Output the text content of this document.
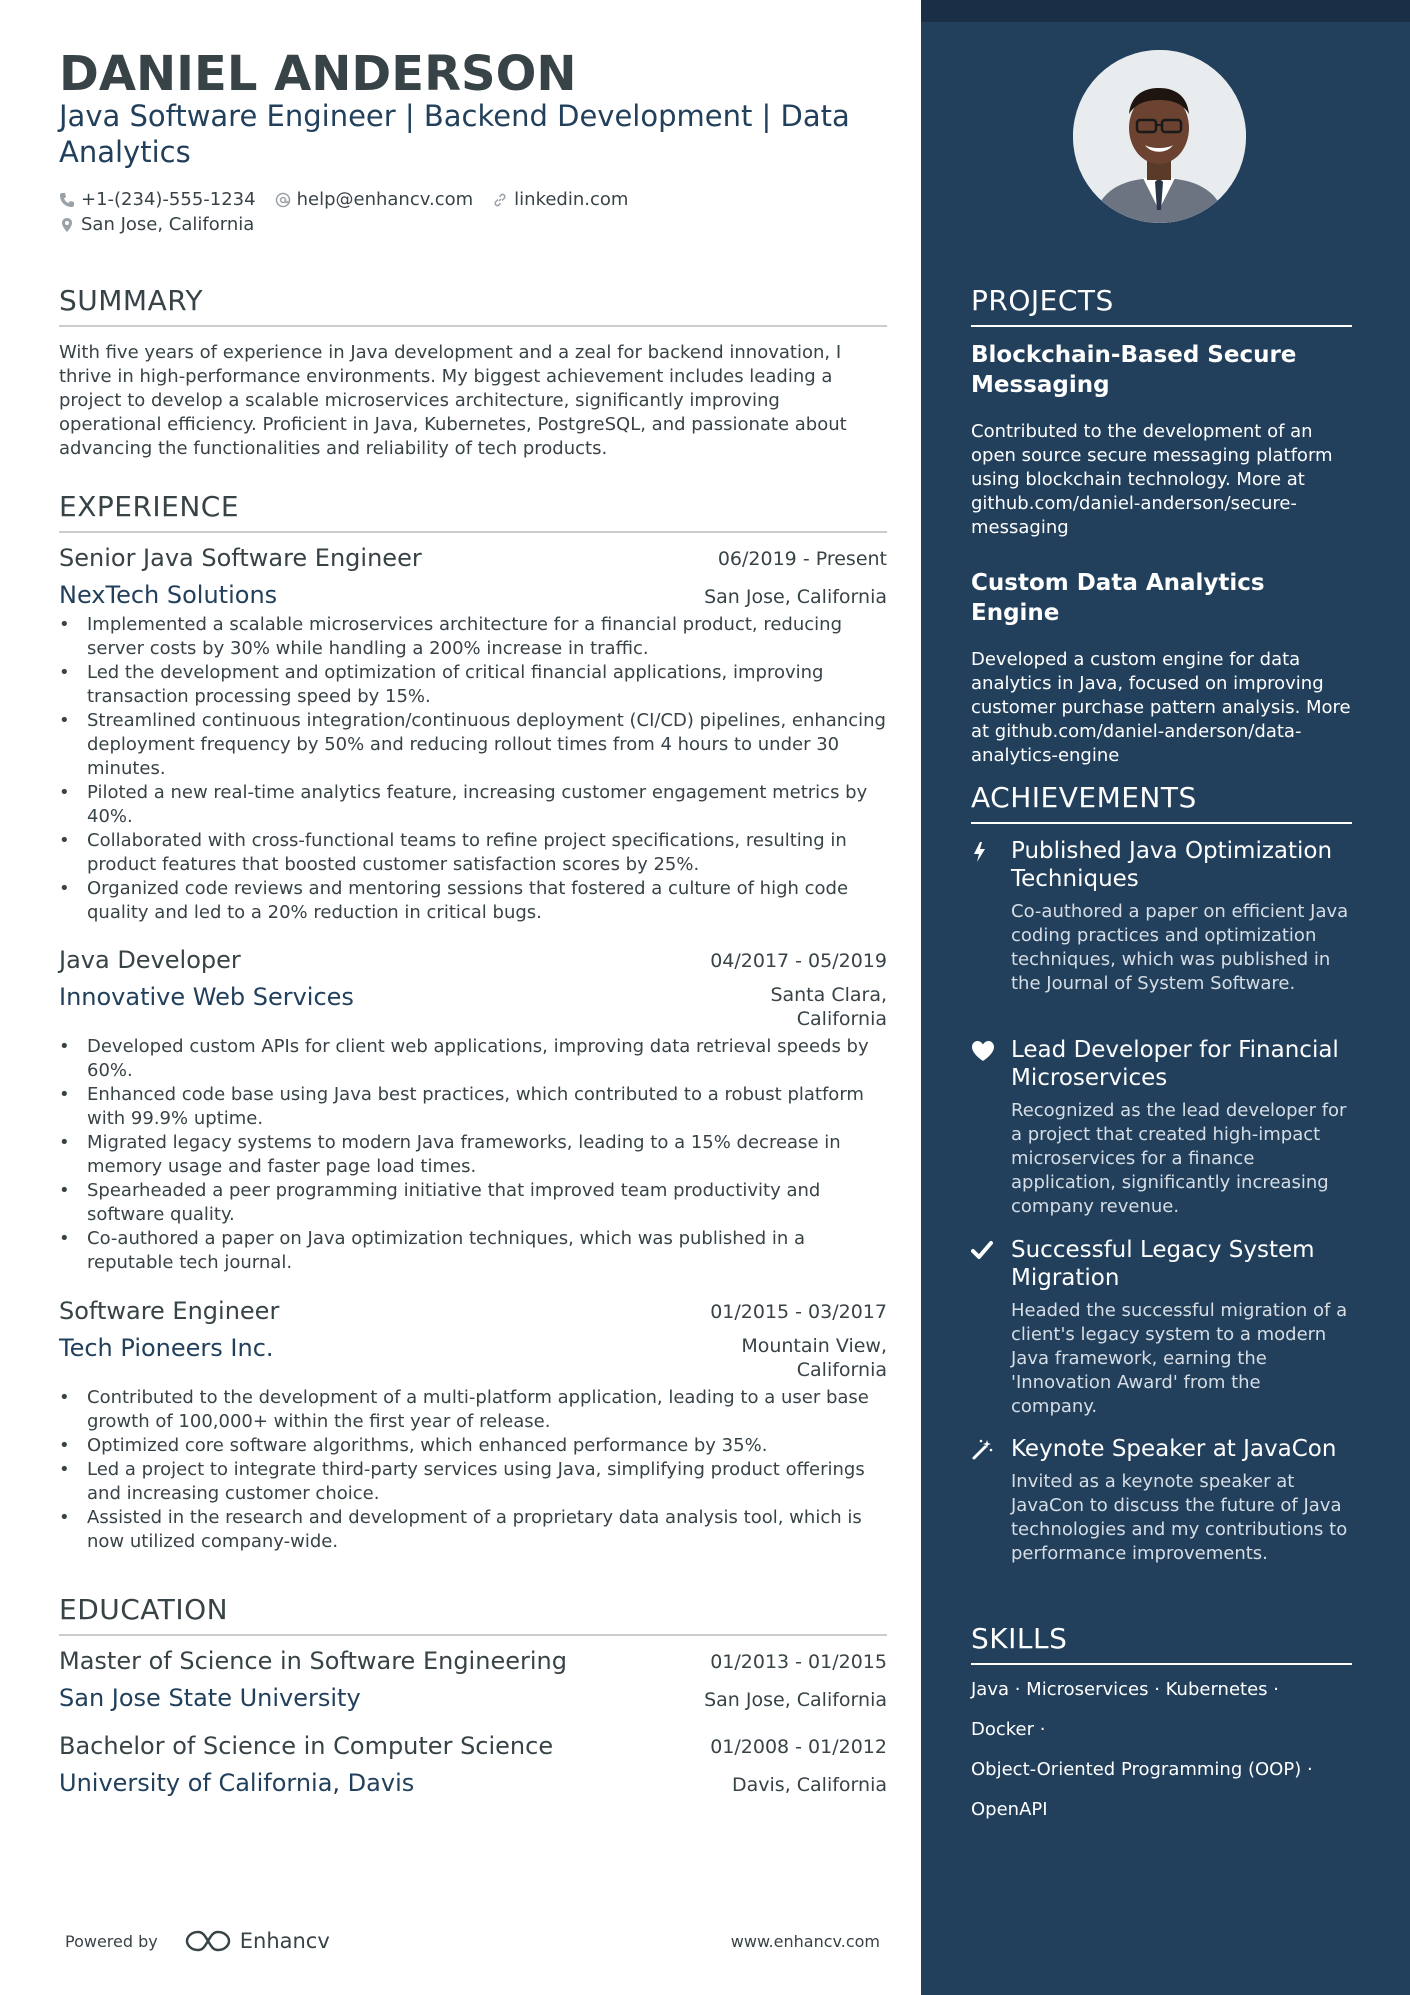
DANIEL ANDERSON
Java Software Engineer | Backend Development | Data Analytics
+1-(234)-555-1234 help@enhancv.com linkedin.com
San Jose, California
SUMMARY
With five years of experience in Java development and a zeal for backend innovation, I thrive in high-performance environments. My biggest achievement includes leading a project to develop a scalable microservices architecture, significantly improving operational efficiency. Proficient in Java, Kubernetes, PostgreSQL, and passionate about advancing the functionalities and reliability of tech products.
EXPERIENCE
Senior Java Software Engineer	06/2019 - Present
NexTech Solutions	San Jose, California
• Implemented a scalable microservices architecture for a financial product, reducing server costs by 30% while handling a 200% increase in traffic.
• Led the development and optimization of critical financial applications, improving transaction processing speed by 15%.
• Streamlined continuous integration/continuous deployment (CI/CD) pipelines, enhancing deployment frequency by 50% and reducing rollout times from 4 hours to under 30 minutes.
• Piloted a new real-time analytics feature, increasing customer engagement metrics by 40%.
• Collaborated with cross-functional teams to refine project specifications, resulting in product features that boosted customer satisfaction scores by 25%.
• Organized code reviews and mentoring sessions that fostered a culture of high code quality and led to a 20% reduction in critical bugs.
Java Developer	04/2017 - 05/2019
Innovative Web Services	Santa Clara,
California
• Developed custom APIs for client web applications, improving data retrieval speeds by 60%.
• Enhanced code base using Java best practices, which contributed to a robust platform with 99.9% uptime.
• Migrated legacy systems to modern Java frameworks, leading to a 15% decrease in memory usage and faster page load times.
• Spearheaded a peer programming initiative that improved team productivity and software quality.
• Co-authored a paper on Java optimization techniques, which was published in a reputable tech journal.
Software Engineer	01/2015 - 03/2017
Tech Pioneers Inc.	Mountain View,
California
• Contributed to the development of a multi-platform application, leading to a user base growth of 100,000+ within the first year of release.
• Optimized core software algorithms, which enhanced performance by 35%.
• Led a project to integrate third-party services using Java, simplifying product offerings and increasing customer choice.
• Assisted in the research and development of a proprietary data analysis tool, which is now utilized company-wide.
EDUCATION
Master of Science in Software Engineering	01/2013 - 01/2015
San Jose State University	San Jose, California
Bachelor of Science in Computer Science	01/2008 - 01/2012
University of California, Davis	Davis, California
Powered by	Enhancv	www.enhancv.com
PROJECTS
Blockchain-Based Secure Messaging
Contributed to the development of an open source secure messaging platform using blockchain technology. More at github.com/daniel-anderson/secure-messaging
Custom Data Analytics Engine
Developed a custom engine for data analytics in Java, focused on improving customer purchase pattern analysis. More at github.com/daniel-anderson/data-analytics-engine
ACHIEVEMENTS
Published Java Optimization Techniques
Co-authored a paper on efficient Java coding practices and optimization techniques, which was published in the Journal of System Software.
Lead Developer for Financial Microservices
Recognized as the lead developer for a project that created high-impact microservices for a finance application, significantly increasing company revenue.
Successful Legacy System Migration
Headed the successful migration of a client's legacy system to a modern Java framework, earning the 'Innovation Award' from the company.
Keynote Speaker at JavaCon
Invited as a keynote speaker at JavaCon to discuss the future of Java technologies and my contributions to performance improvements.
SKILLS
Java · Microservices · Kubernetes ·
Docker ·
Object-Oriented Programming (OOP) ·
OpenAPI
